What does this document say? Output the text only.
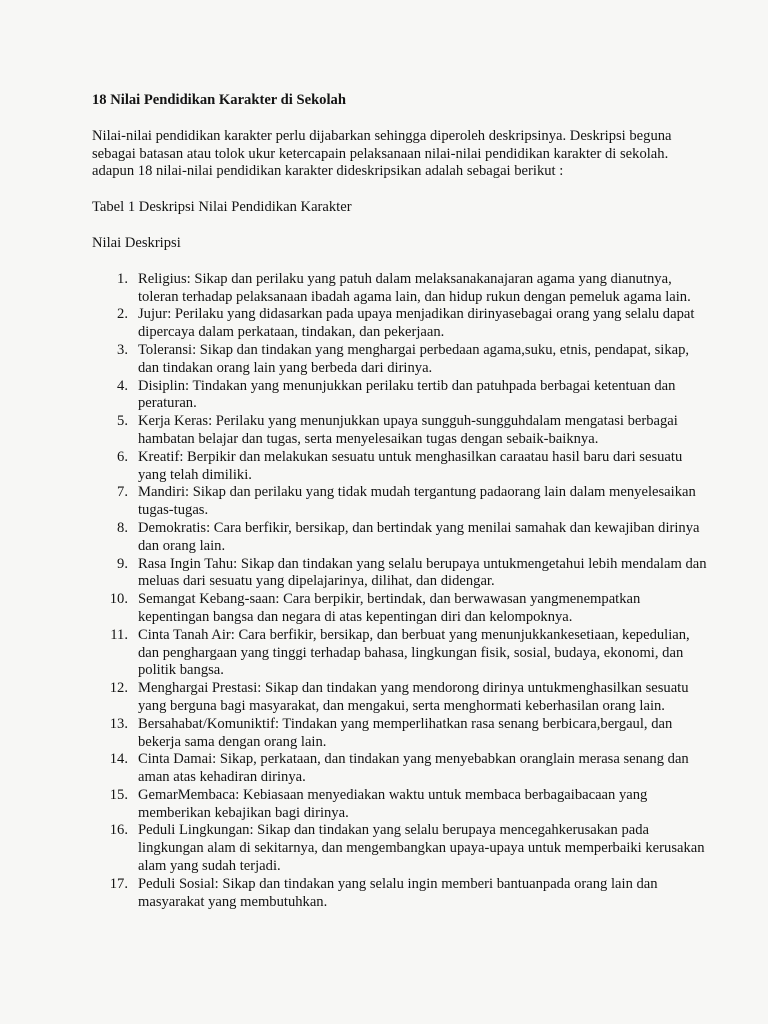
18 Nilai Pendidikan Karakter di Sekolah

Nilai-nilai pendidikan karakter perlu dijabarkan sehingga diperoleh deskripsinya. Deskripsi beguna sebagai batasan atau tolok ukur ketercapain pelaksanaan nilai-nilai pendidikan karakter di sekolah. adapun 18 nilai-nilai pendidikan karakter dideskripsikan adalah sebagai berikut :

Tabel 1 Deskripsi Nilai Pendidikan Karakter

Nilai Deskripsi

1. Religius: Sikap dan perilaku yang patuh dalam melaksanakanajaran agama yang dianutnya, toleran terhadap pelaksanaan ibadah agama lain, dan hidup rukun dengan pemeluk agama lain.
2. Jujur: Perilaku yang didasarkan pada upaya menjadikan dirinyasebagai orang yang selalu dapat dipercaya dalam perkataan, tindakan, dan pekerjaan.
3. Toleransi: Sikap dan tindakan yang menghargai perbedaan agama,suku, etnis, pendapat, sikap, dan tindakan orang lain yang berbeda dari dirinya.
4. Disiplin: Tindakan yang menunjukkan perilaku tertib dan patuhpada berbagai ketentuan dan peraturan.
5. Kerja Keras: Perilaku yang menunjukkan upaya sungguh-sungguhdalam mengatasi berbagai hambatan belajar dan tugas, serta menyelesaikan tugas dengan sebaik-baiknya.
6. Kreatif: Berpikir dan melakukan sesuatu untuk menghasilkan caraatau hasil baru dari sesuatu yang telah dimiliki.
7. Mandiri: Sikap dan perilaku yang tidak mudah tergantung padaorang lain dalam menyelesaikan tugas-tugas.
8. Demokratis: Cara berfikir, bersikap, dan bertindak yang menilai samahak dan kewajiban dirinya dan orang lain.
9. Rasa Ingin Tahu: Sikap dan tindakan yang selalu berupaya untukmengetahui lebih mendalam dan meluas dari sesuatu yang dipelajarinya, dilihat, dan didengar.
10. Semangat Kebang-saan: Cara berpikir, bertindak, dan berwawasan yangmenempatkan kepentingan bangsa dan negara di atas kepentingan diri dan kelompoknya.
11. Cinta Tanah Air: Cara berfikir, bersikap, dan berbuat yang menunjukkankesetiaan, kepedulian, dan penghargaan yang tinggi terhadap bahasa, lingkungan fisik, sosial, budaya, ekonomi, dan politik bangsa.
12. Menghargai Prestasi: Sikap dan tindakan yang mendorong dirinya untukmenghasilkan sesuatu yang berguna bagi masyarakat, dan mengakui, serta menghormati keberhasilan orang lain.
13. Bersahabat/Komuniktif: Tindakan yang memperlihatkan rasa senang berbicara,bergaul, dan bekerja sama dengan orang lain.
14. Cinta Damai: Sikap, perkataan, dan tindakan yang menyebabkan oranglain merasa senang dan aman atas kehadiran dirinya.
15. GemarMembaca: Kebiasaan menyediakan waktu untuk membaca berbagaibacaan yang memberikan kebajikan bagi dirinya.
16. Peduli Lingkungan: Sikap dan tindakan yang selalu berupaya mencegahkerusakan pada lingkungan alam di sekitarnya, dan mengembangkan upaya-upaya untuk memperbaiki kerusakan alam yang sudah terjadi.
17. Peduli Sosial: Sikap dan tindakan yang selalu ingin memberi bantuanpada orang lain dan masyarakat yang membutuhkan.
